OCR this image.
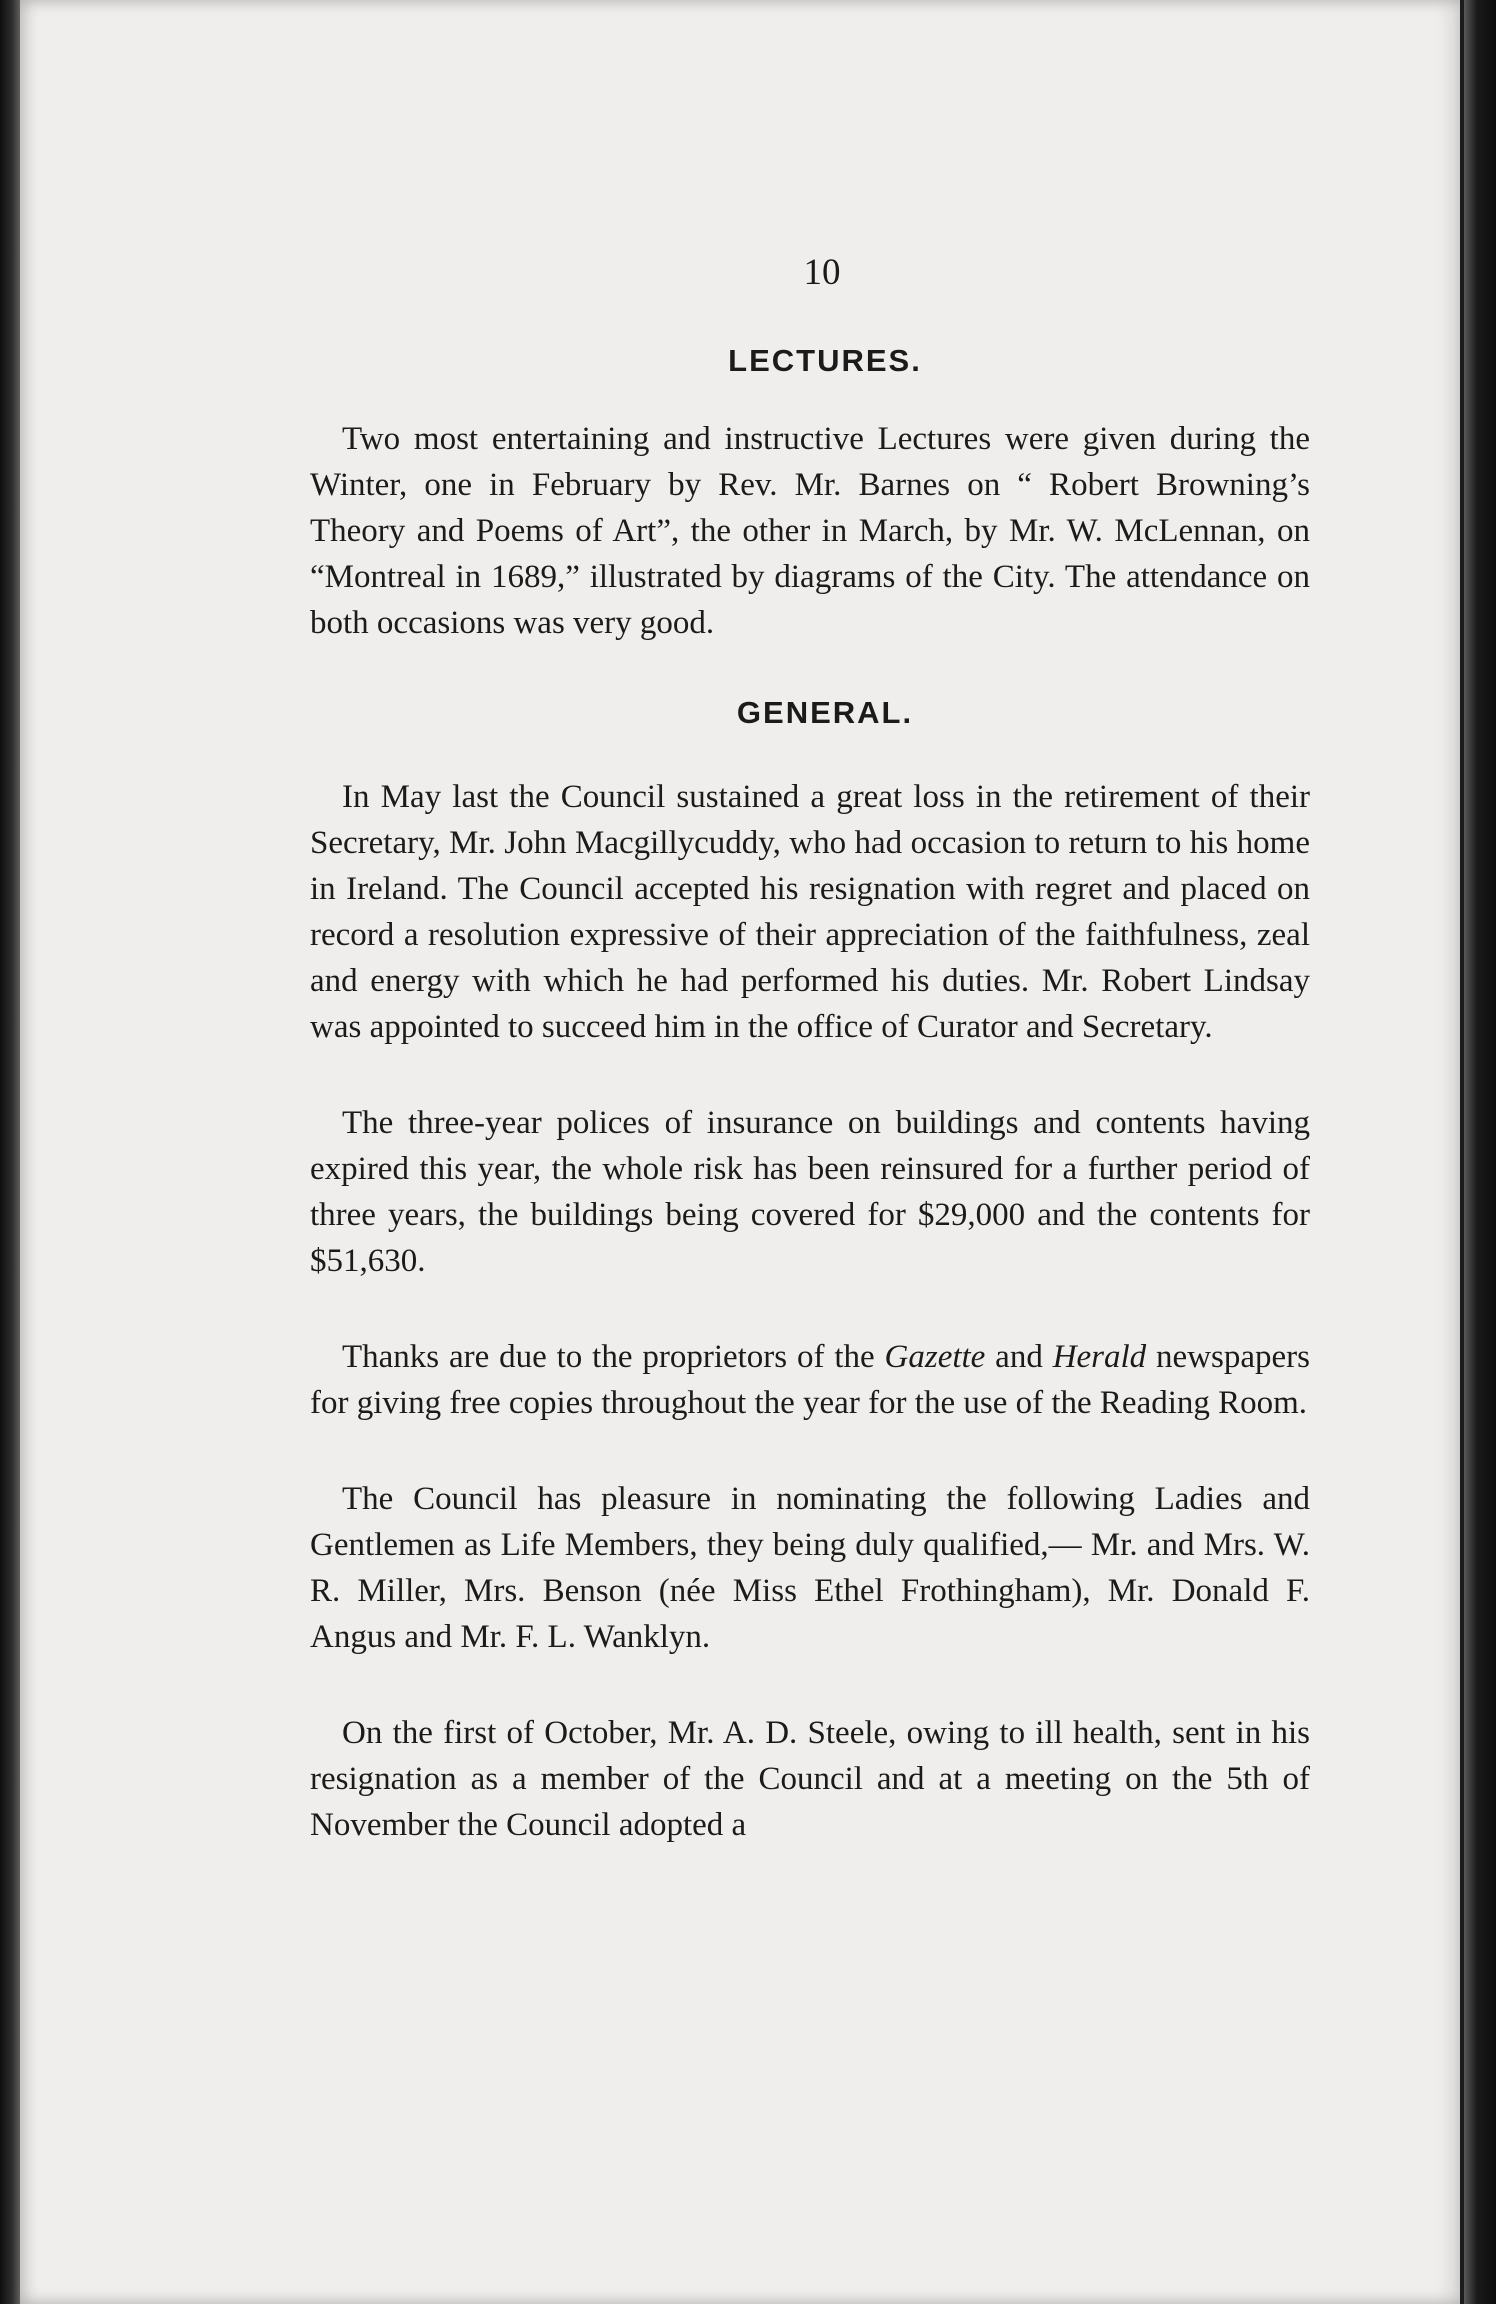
10

LECTURES.

Two most entertaining and instructive Lectures were given during the Winter, one in February by Rev. Mr. Barnes on “ Robert Browning’s Theory and Poems of Art”, the other in March, by Mr. W. McLennan, on “Montreal in 1689,” illustrated by diagrams of the City. The attendance on both occasions was very good.

GENERAL.

In May last the Council sustained a great loss in the retirement of their Secretary, Mr. John Macgillycuddy, who had occasion to return to his home in Ireland. The Council accepted his resignation with regret and placed on record a resolution expressive of their appreciation of the faithfulness, zeal and energy with which he had performed his duties. Mr. Robert Lindsay was appointed to succeed him in the office of Curator and Secretary.

The three-year polices of insurance on buildings and contents having expired this year, the whole risk has been reinsured for a further period of three years, the buildings being covered for $29,000 and the contents for $51,630.

Thanks are due to the proprietors of the Gazette and Herald newspapers for giving free copies throughout the year for the use of the Reading Room.

The Council has pleasure in nominating the following Ladies and Gentlemen as Life Members, they being duly qualified,— Mr. and Mrs. W. R. Miller, Mrs. Benson (née Miss Ethel Frothingham), Mr. Donald F. Angus and Mr. F. L. Wanklyn.

On the first of October, Mr. A. D. Steele, owing to ill health, sent in his resignation as a member of the Council and at a meeting on the 5th of November the Council adopted a
